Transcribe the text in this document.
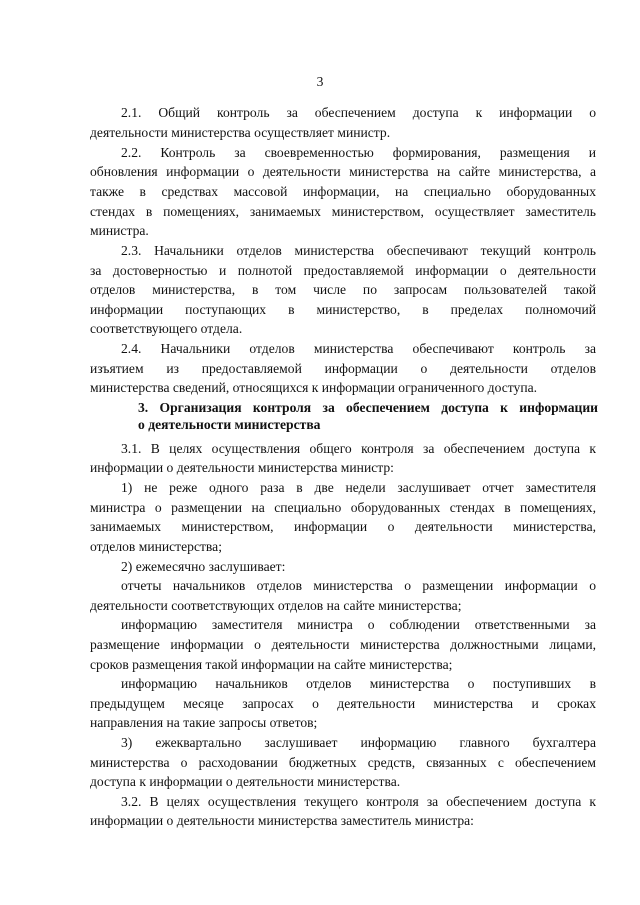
3
2.1. Общий контроль за обеспечением доступа к информации о
деятельности министерства осуществляет министр.
2.2. Контроль за своевременностью формирования, размещения и
обновления информации о деятельности министерства на сайте министерства, а
также в средствах массовой информации, на специально оборудованных
стендах в помещениях, занимаемых министерством, осуществляет заместитель
министра.
2.3. Начальники отделов министерства обеспечивают текущий контроль
за достоверностью и полнотой предоставляемой информации о деятельности
отделов министерства, в том числе по запросам пользователей такой
информации поступающих в министерство, в пределах полномочий
соответствующего отдела.
2.4. Начальники отделов министерства обеспечивают контроль за
изъятием из предоставляемой информации о деятельности отделов
министерства сведений, относящихся к информации ограниченного доступа.
3. Организация контроля за обеспечением доступа к информации
о деятельности министерства
3.1. В целях осуществления общего контроля за обеспечением доступа к
информации о деятельности министерства министр:
1) не реже одного раза в две недели заслушивает отчет заместителя
министра о размещении на специально оборудованных стендах в помещениях,
занимаемых министерством, информации о деятельности министерства,
отделов министерства;
2) ежемесячно заслушивает:
отчеты начальников отделов министерства о размещении информации о
деятельности соответствующих отделов на сайте министерства;
информацию заместителя министра о соблюдении ответственными за
размещение информации о деятельности министерства должностными лицами,
сроков размещения такой информации на сайте министерства;
информацию начальников отделов министерства о поступивших в
предыдущем месяце запросах о деятельности министерства и сроках
направления на такие запросы ответов;
3) ежеквартально заслушивает информацию главного бухгалтера
министерства о расходовании бюджетных средств, связанных с обеспечением
доступа к информации о деятельности министерства.
3.2. В целях осуществления текущего контроля за обеспечением доступа к
информации о деятельности министерства заместитель министра:
